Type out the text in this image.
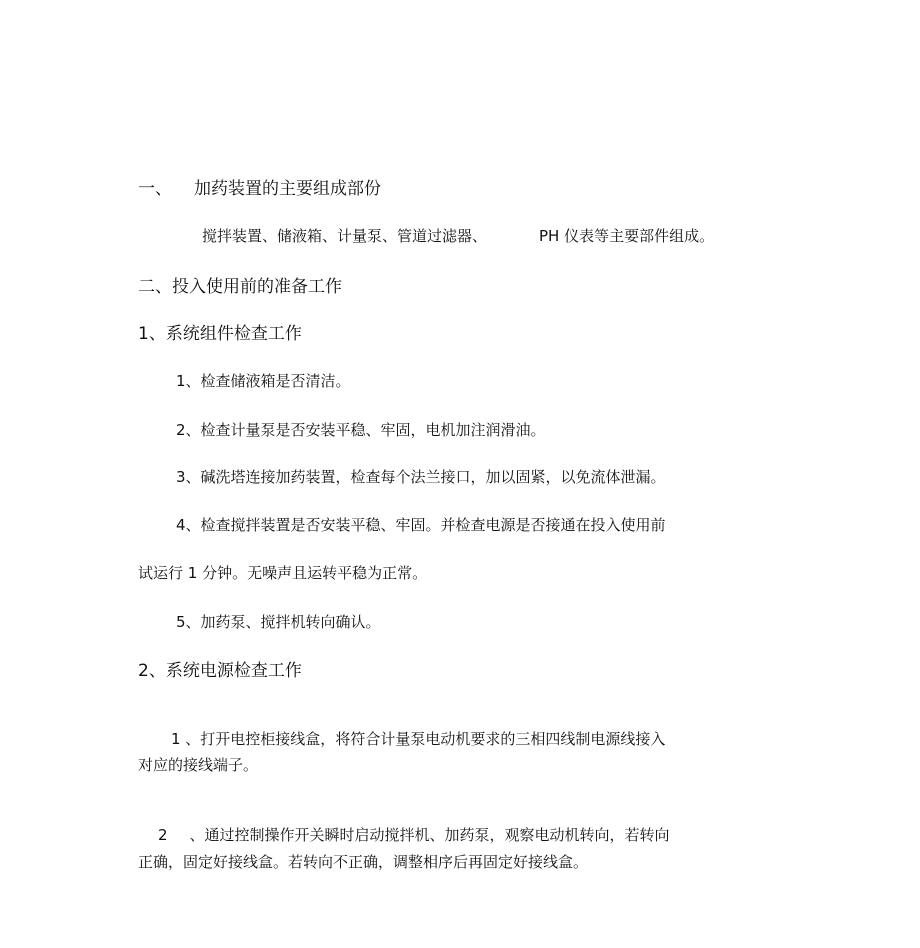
一、 加药装置的主要组成部份
搅拌装置、储液箱、计量泵、管道过滤器、	PH 仪表等主要部件组成。
二、投入使用前的准备工作
1、系统组件检查工作
1、检查储液箱是否清洁。
2、检查计量泵是否安装平稳、牢固，电机加注润滑油。
3、碱洗塔连接加药装置，检查每个法兰接口，加以固紧，以免流体泄漏。
4、检查搅拌装置是否安装平稳、牢固。并检查电源是否接通在投入使用前
试运行 1 分钟。无噪声且运转平稳为正常。
5、加药泵、搅拌机转向确认。
2、系统电源检查工作
1 、打开电控柜接线盒，将符合计量泵电动机要求的三相四线制电源线接入
对应的接线端子。
2 、通过控制操作开关瞬时启动搅拌机、加药泵，观察电动机转向，若转向
正确，固定好接线盒。若转向不正确，调整相序后再固定好接线盒。
